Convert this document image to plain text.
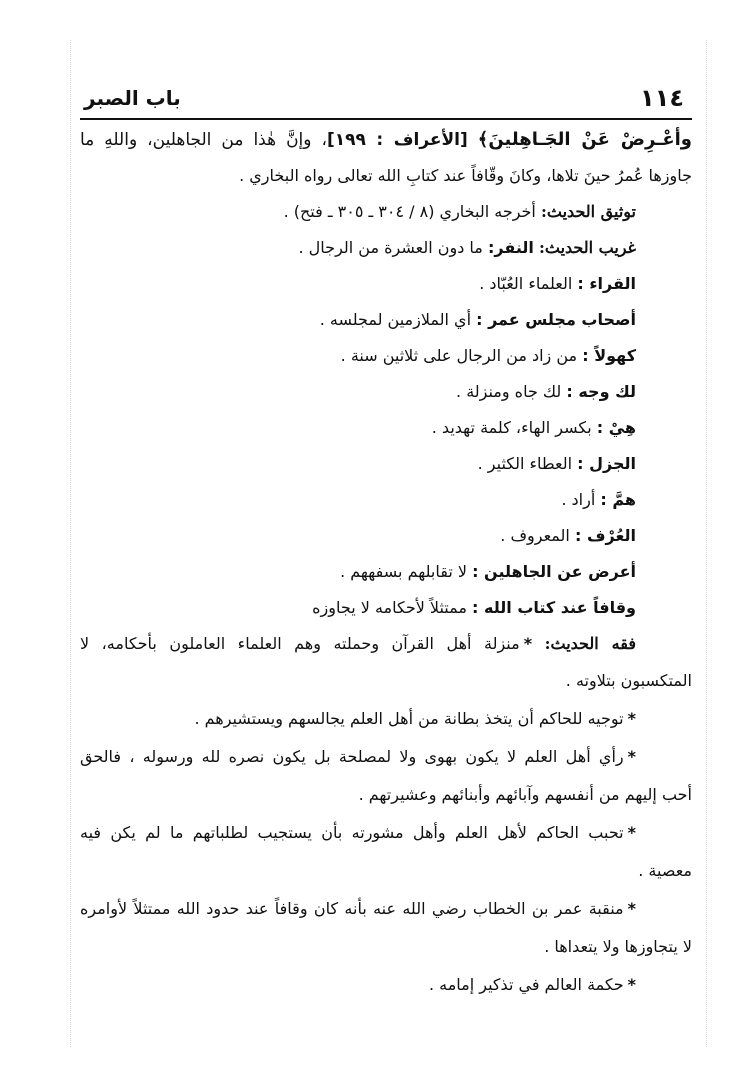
١١٤
باب الصبر
وأعْـرِضْ عَنْ الجَـاهِلينَ﴾ [الأعراف : ١٩٩]، وإنَّ هٰذا من الجاهلين، واللهِ ما
جاوزها عُمرُ حينَ تلاها، وكانَ وقّافاً عند كتابِ الله تعالى رواه البخاري .
توثيق الحديث: أخرجه البخاري (٨ / ٣٠٤ ـ ٣٠٥ ـ فتح) .
غريب الحديث: النفر: ما دون العشرة من الرجال .
القراء : العلماء العُبّاد .
أصحاب مجلس عمر : أي الملازمين لمجلسه .
كهولاً : من زاد من الرجال على ثلاثين سنة .
لك وجه : لك جاه ومنزلة .
هِيْ : بكسر الهاء، كلمة تهديد .
الجزل : العطاء الكثير .
همَّ : أراد .
العُرْف : المعروف .
أعرض عن الجاهلين : لا تقابلهم بسفههم .
وقافاً عند كتاب الله : ممتثلاً لأحكامه لا يجاوزه
فقه الحديث: *منزلة أهل القرآن وحملته وهم العلماء العاملون بأحكامه، لا
المتكسبون بتلاوته .
*توجيه للحاكم أن يتخذ بطانة من أهل العلم يجالسهم ويستشيرهم .
*رأي أهل العلم لا يكون بهوى ولا لمصلحة بل يكون نصره لله ورسوله ، فالحق
أحب إليهم من أنفسهم وآبائهم وأبنائهم وعشيرتهم .
*تحبب الحاكم لأهل العلم وأهل مشورته بأن يستجيب لطلباتهم ما لم يكن فيه
معصية .
*منقبة عمر بن الخطاب رضي الله عنه بأنه كان وقافاً عند حدود الله ممتثلاً لأوامره
لا يتجاوزها ولا يتعداها .
*حكمة العالم في تذكير إمامه .
